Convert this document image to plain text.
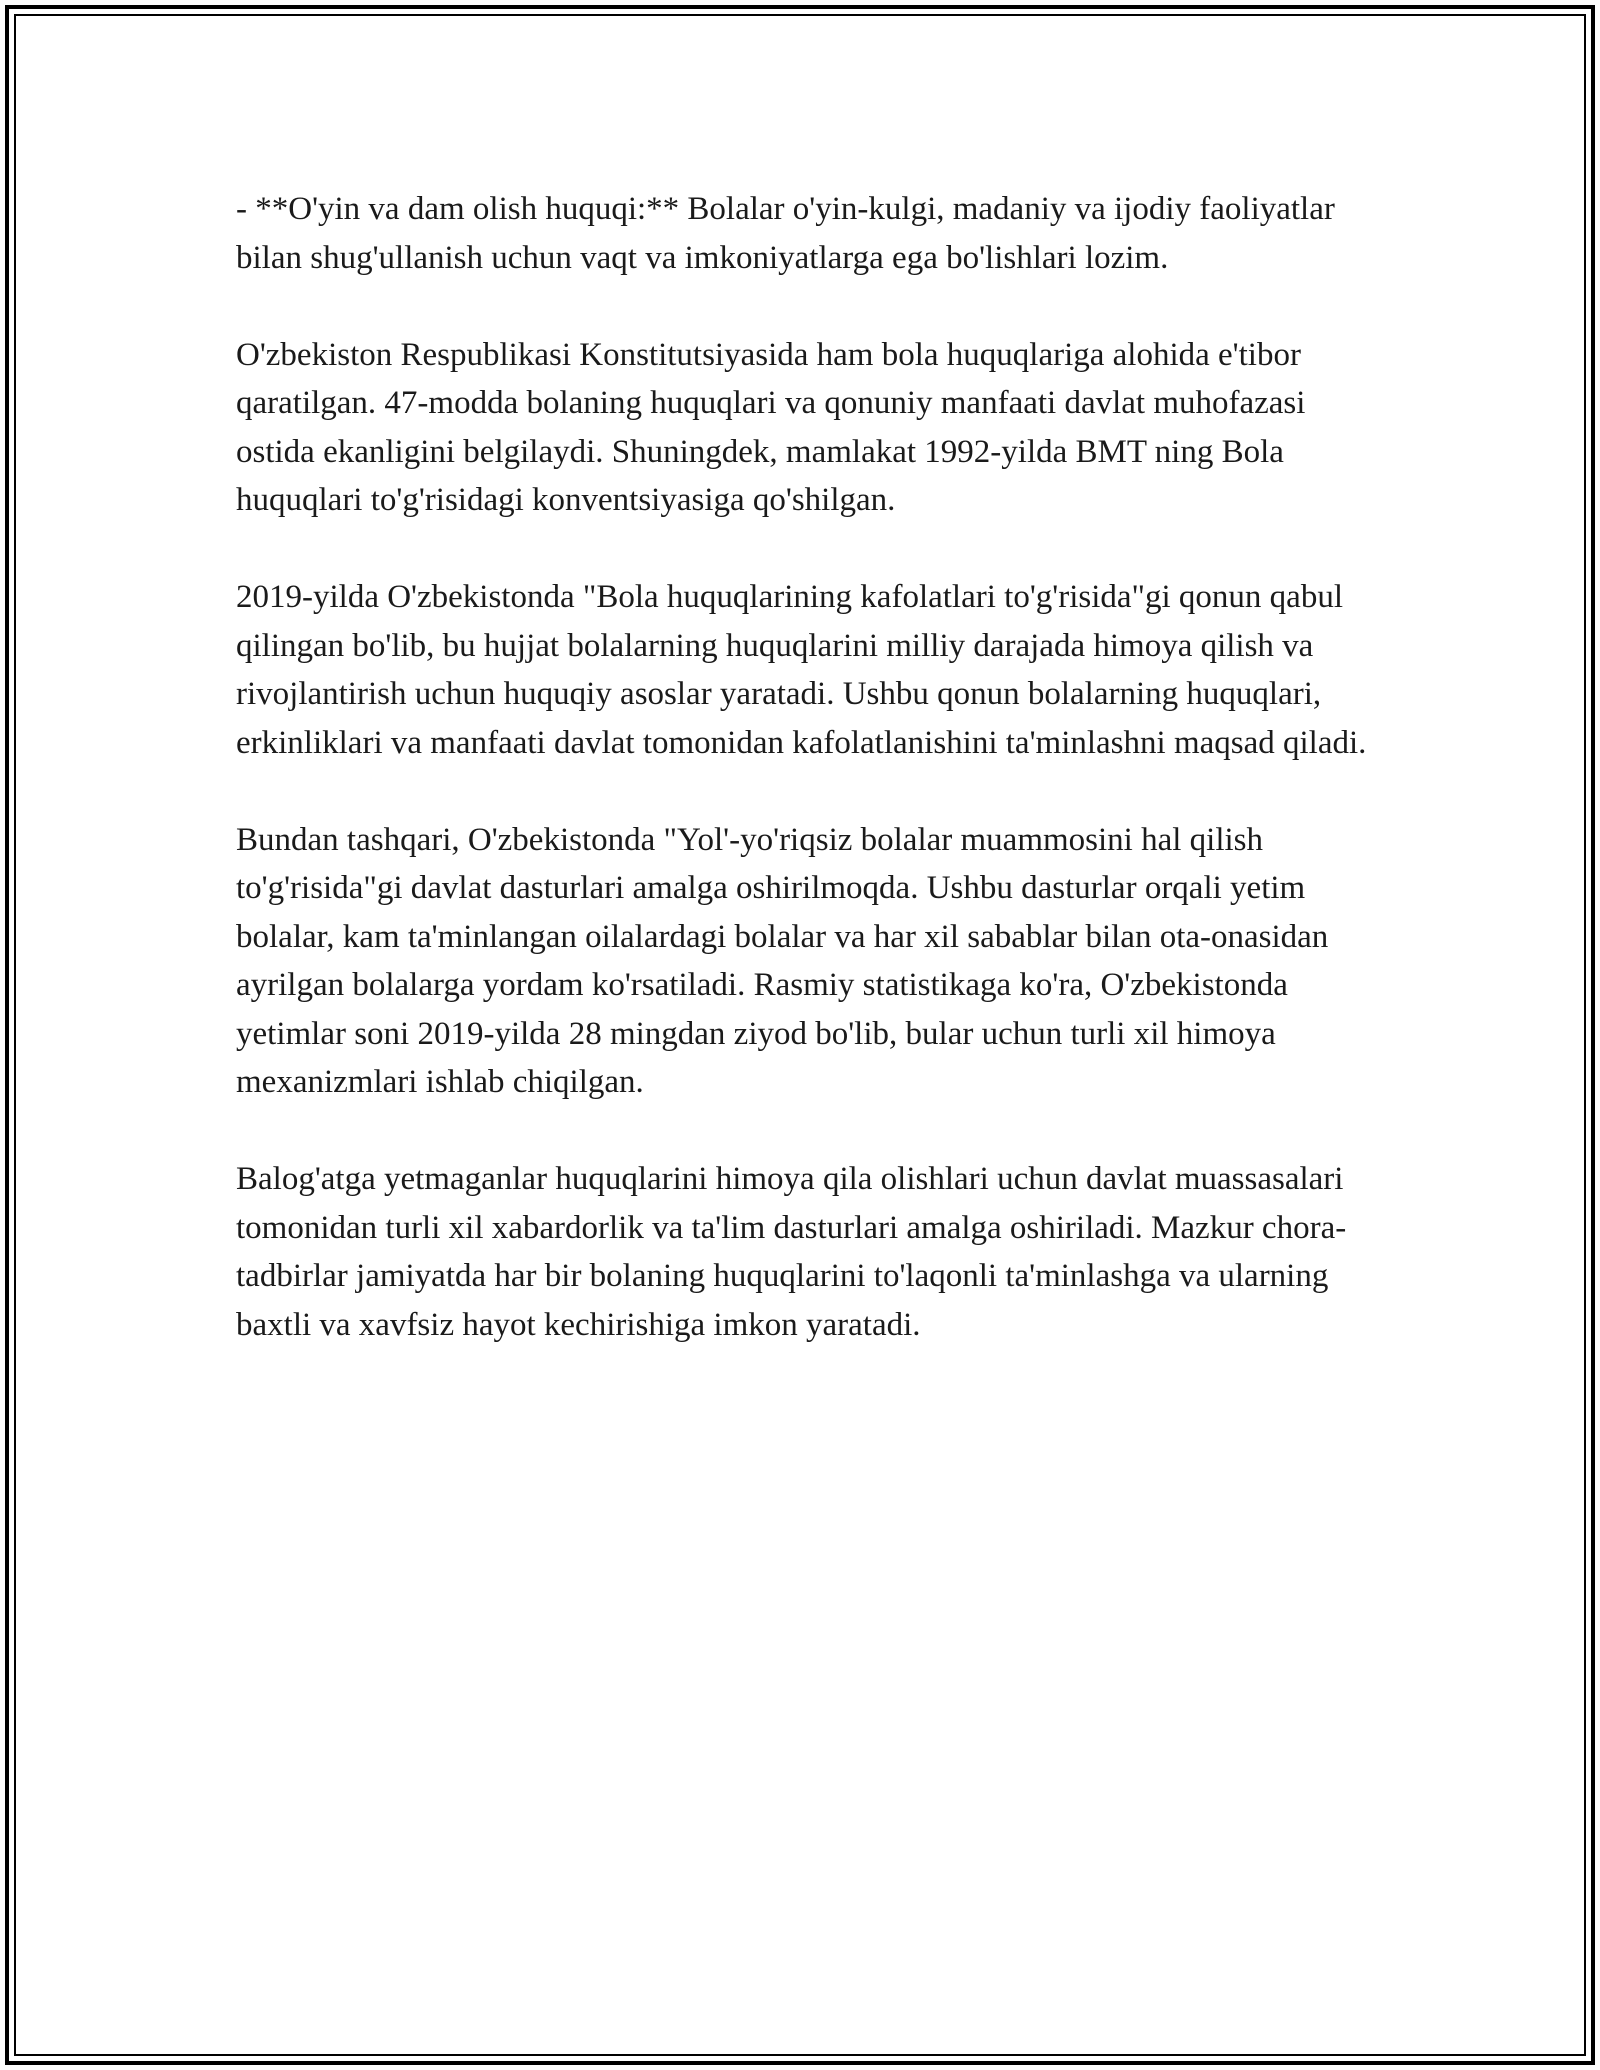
- **O'yin va dam olish huquqi:** Bolalar o'yin-kulgi, madaniy va ijodiy faoliyatlar bilan shug'ullanish uchun vaqt va imkoniyatlarga ega bo'lishlari lozim.

O'zbekiston Respublikasi Konstitutsiyasida ham bola huquqlariga alohida e'tibor qaratilgan. 47-modda bolaning huquqlari va qonuniy manfaati davlat muhofazasi ostida ekanligini belgilaydi. Shuningdek, mamlakat 1992-yilda BMT ning Bola huquqlari to'g'risidagi konventsiyasiga qo'shilgan.

2019-yilda O'zbekistonda "Bola huquqlarining kafolatlari to'g'risida"gi qonun qabul qilingan bo'lib, bu hujjat bolalarning huquqlarini milliy darajada himoya qilish va rivojlantirish uchun huquqiy asoslar yaratadi. Ushbu qonun bolalarning huquqlari, erkinliklari va manfaati davlat tomonidan kafolatlanishini ta'minlashni maqsad qiladi.

Bundan tashqari, O'zbekistonda "Yol'-yo'riqsiz bolalar muammosini hal qilish to'g'risida"gi davlat dasturlari amalga oshirilmoqda. Ushbu dasturlar orqali yetim bolalar, kam ta'minlangan oilalardagi bolalar va har xil sabablar bilan ota-onasidan ayrilgan bolalarga yordam ko'rsatiladi. Rasmiy statistikaga ko'ra, O'zbekistonda yetimlar soni 2019-yilda 28 mingdan ziyod bo'lib, bular uchun turli xil himoya mexanizmlari ishlab chiqilgan.

Balog'atga yetmaganlar huquqlarini himoya qila olishlari uchun davlat muassasalari tomonidan turli xil xabardorlik va ta'lim dasturlari amalga oshiriladi. Mazkur chora-tadbirlar jamiyatda har bir bolaning huquqlarini to'laqonli ta'minlashga va ularning baxtli va xavfsiz hayot kechirishiga imkon yaratadi.
